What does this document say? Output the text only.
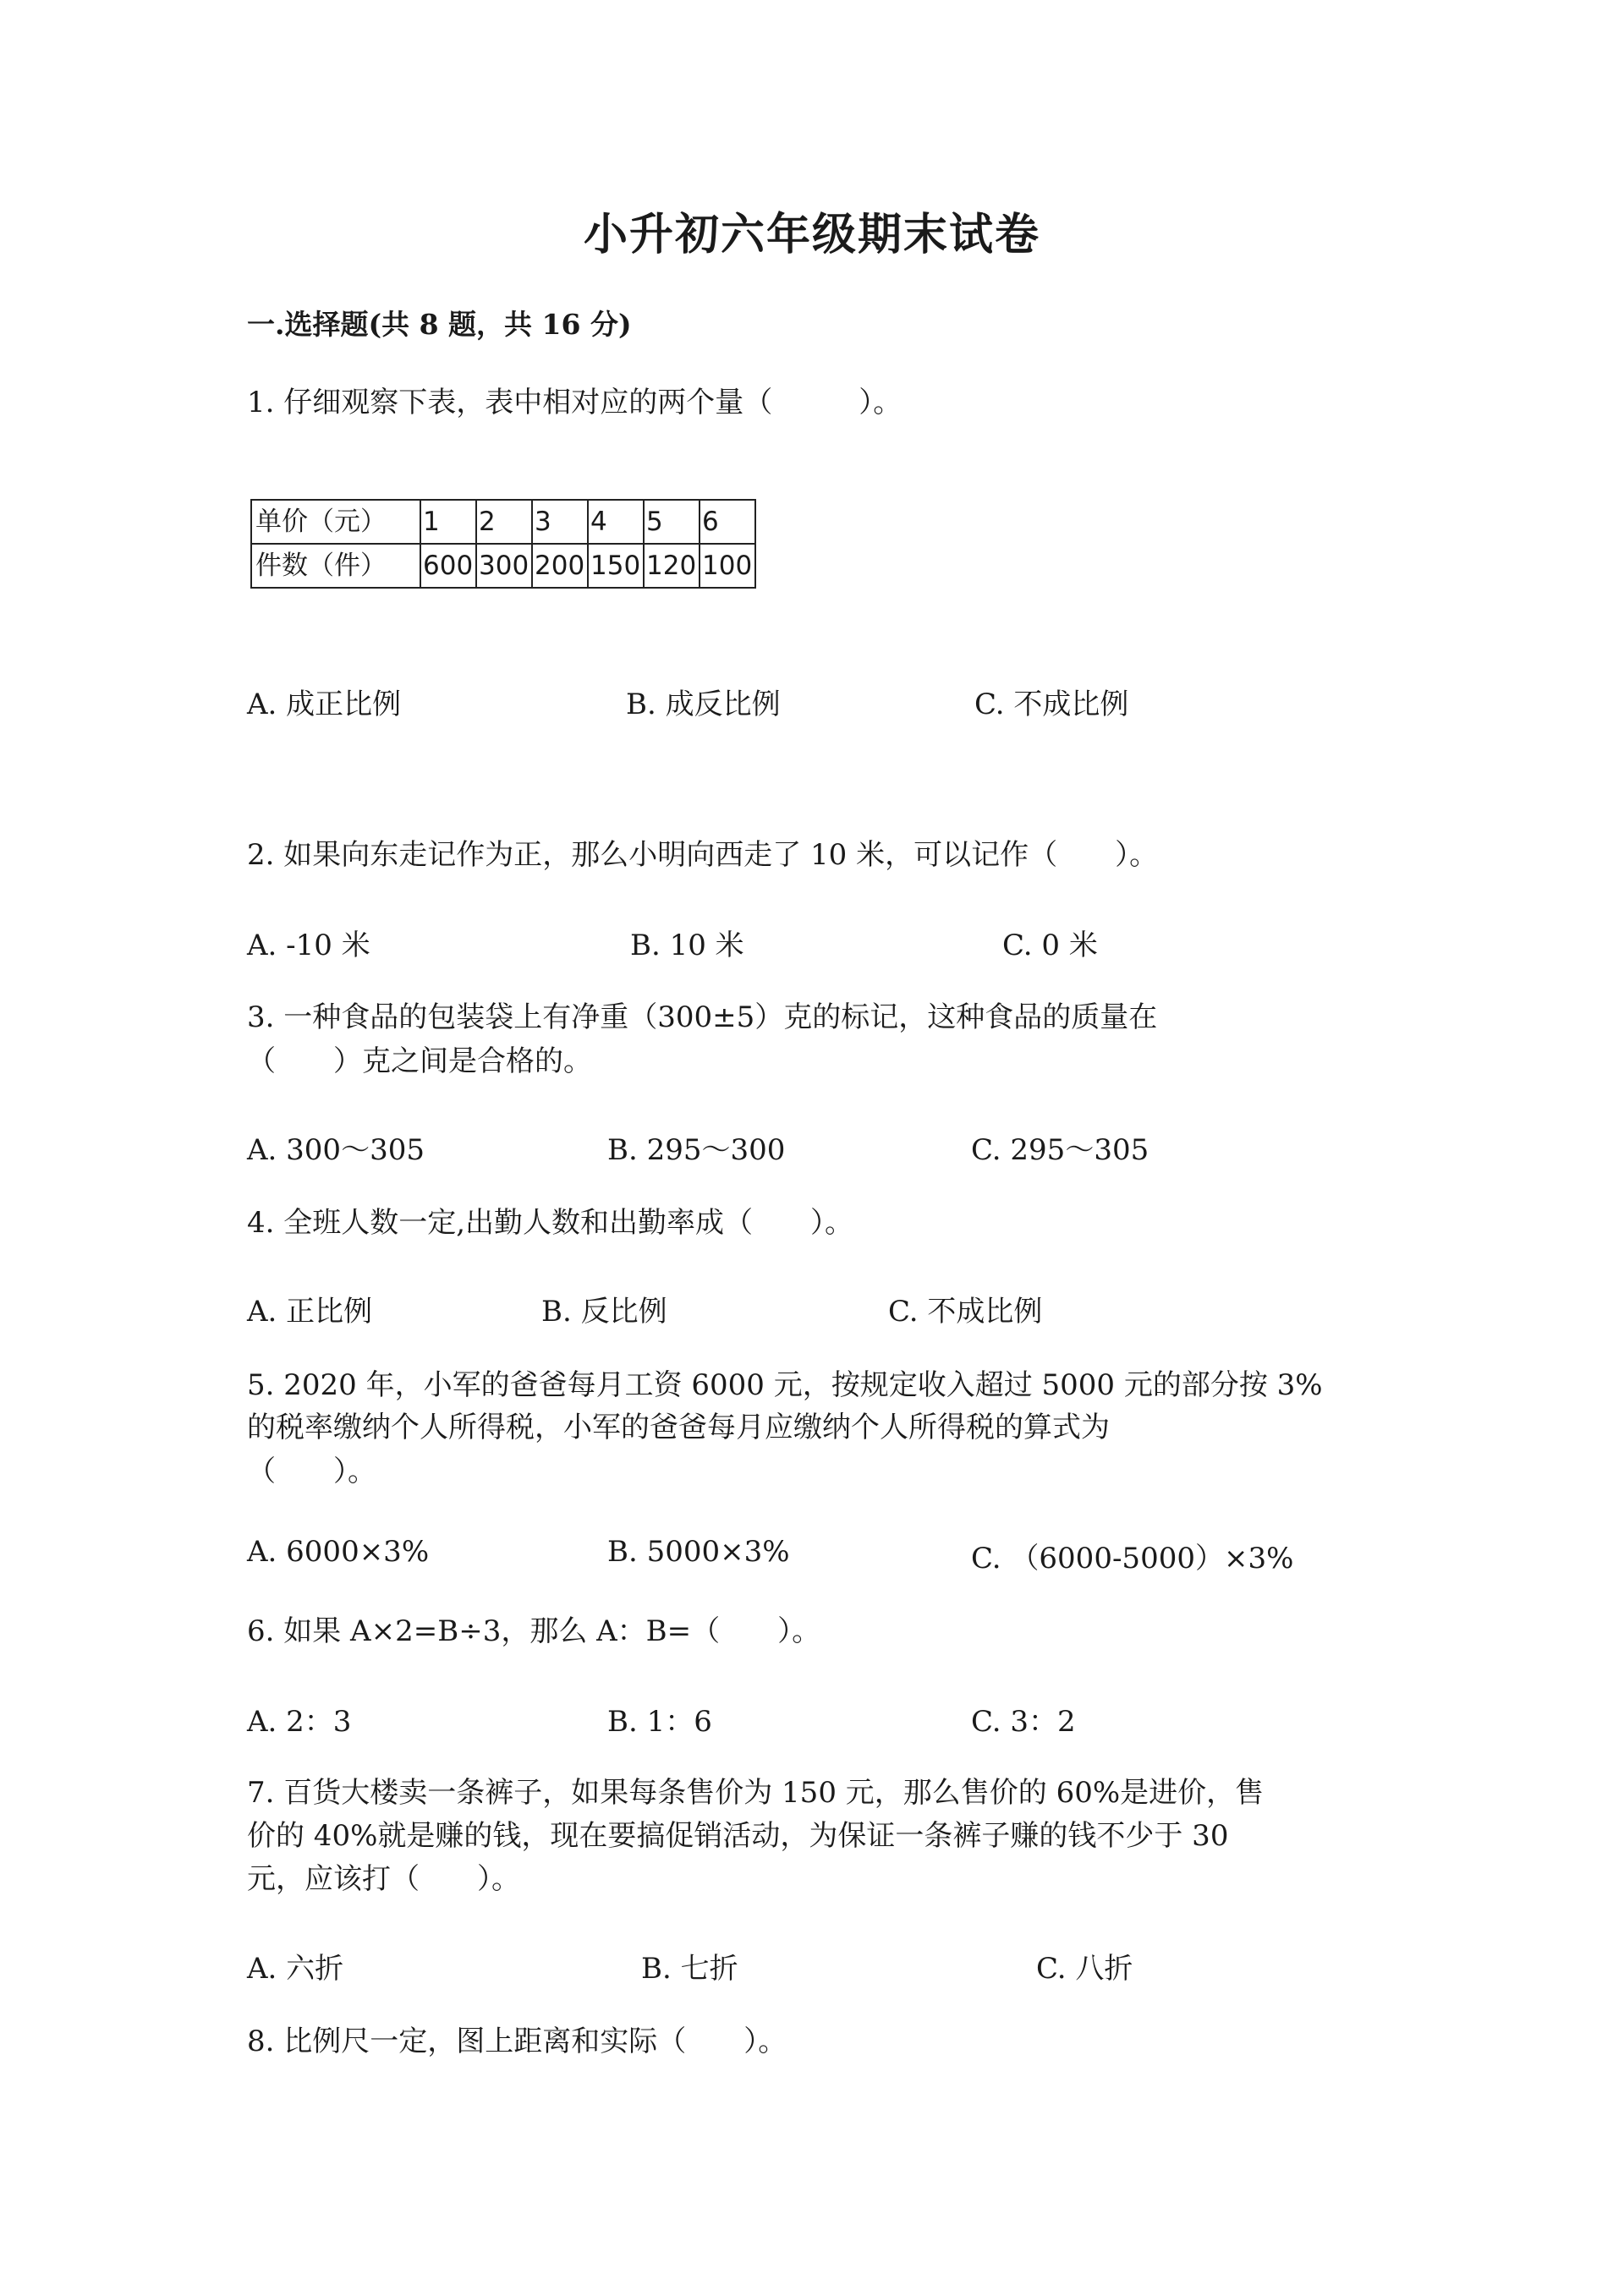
小升初六年级期末试卷
一.选择题(共 8 题，共 16 分)
1. 仔细观察下表，表中相对应的两个量（　　　）。
单价（元）	1	2	3	4	5	6
件数（件）	600	300	200	150	120	100
A. 成正比例	B. 成反比例	C. 不成比例
2. 如果向东走记作为正，那么小明向西走了 10 米，可以记作（　　）。
A. -10 米	B. 10 米	C. 0 米
3. 一种食品的包装袋上有净重（300±5）克的标记，这种食品的质量在
（　　）克之间是合格的。
A. 300～305	B. 295～300	C. 295～305
4. 全班人数一定,出勤人数和出勤率成（　　）。
A. 正比例	B. 反比例	C. 不成比例
5. 2020 年，小军的爸爸每月工资 6000 元，按规定收入超过 5000 元的部分按 3%
的税率缴纳个人所得税，小军的爸爸每月应缴纳个人所得税的算式为
（　　）。
A. 6000×3%	B. 5000×3%	C. （6000-5000）×3%
6. 如果 A×2=B÷3，那么 A：B=（　　）。
A. 2：3	B. 1：6	C. 3：2
7. 百货大楼卖一条裤子，如果每条售价为 150 元，那么售价的 60%是进价，售
价的 40%就是赚的钱，现在要搞促销活动，为保证一条裤子赚的钱不少于 30
元，应该打（　　）。
A. 六折	B. 七折	C. 八折
8. 比例尺一定，图上距离和实际（　　）。
